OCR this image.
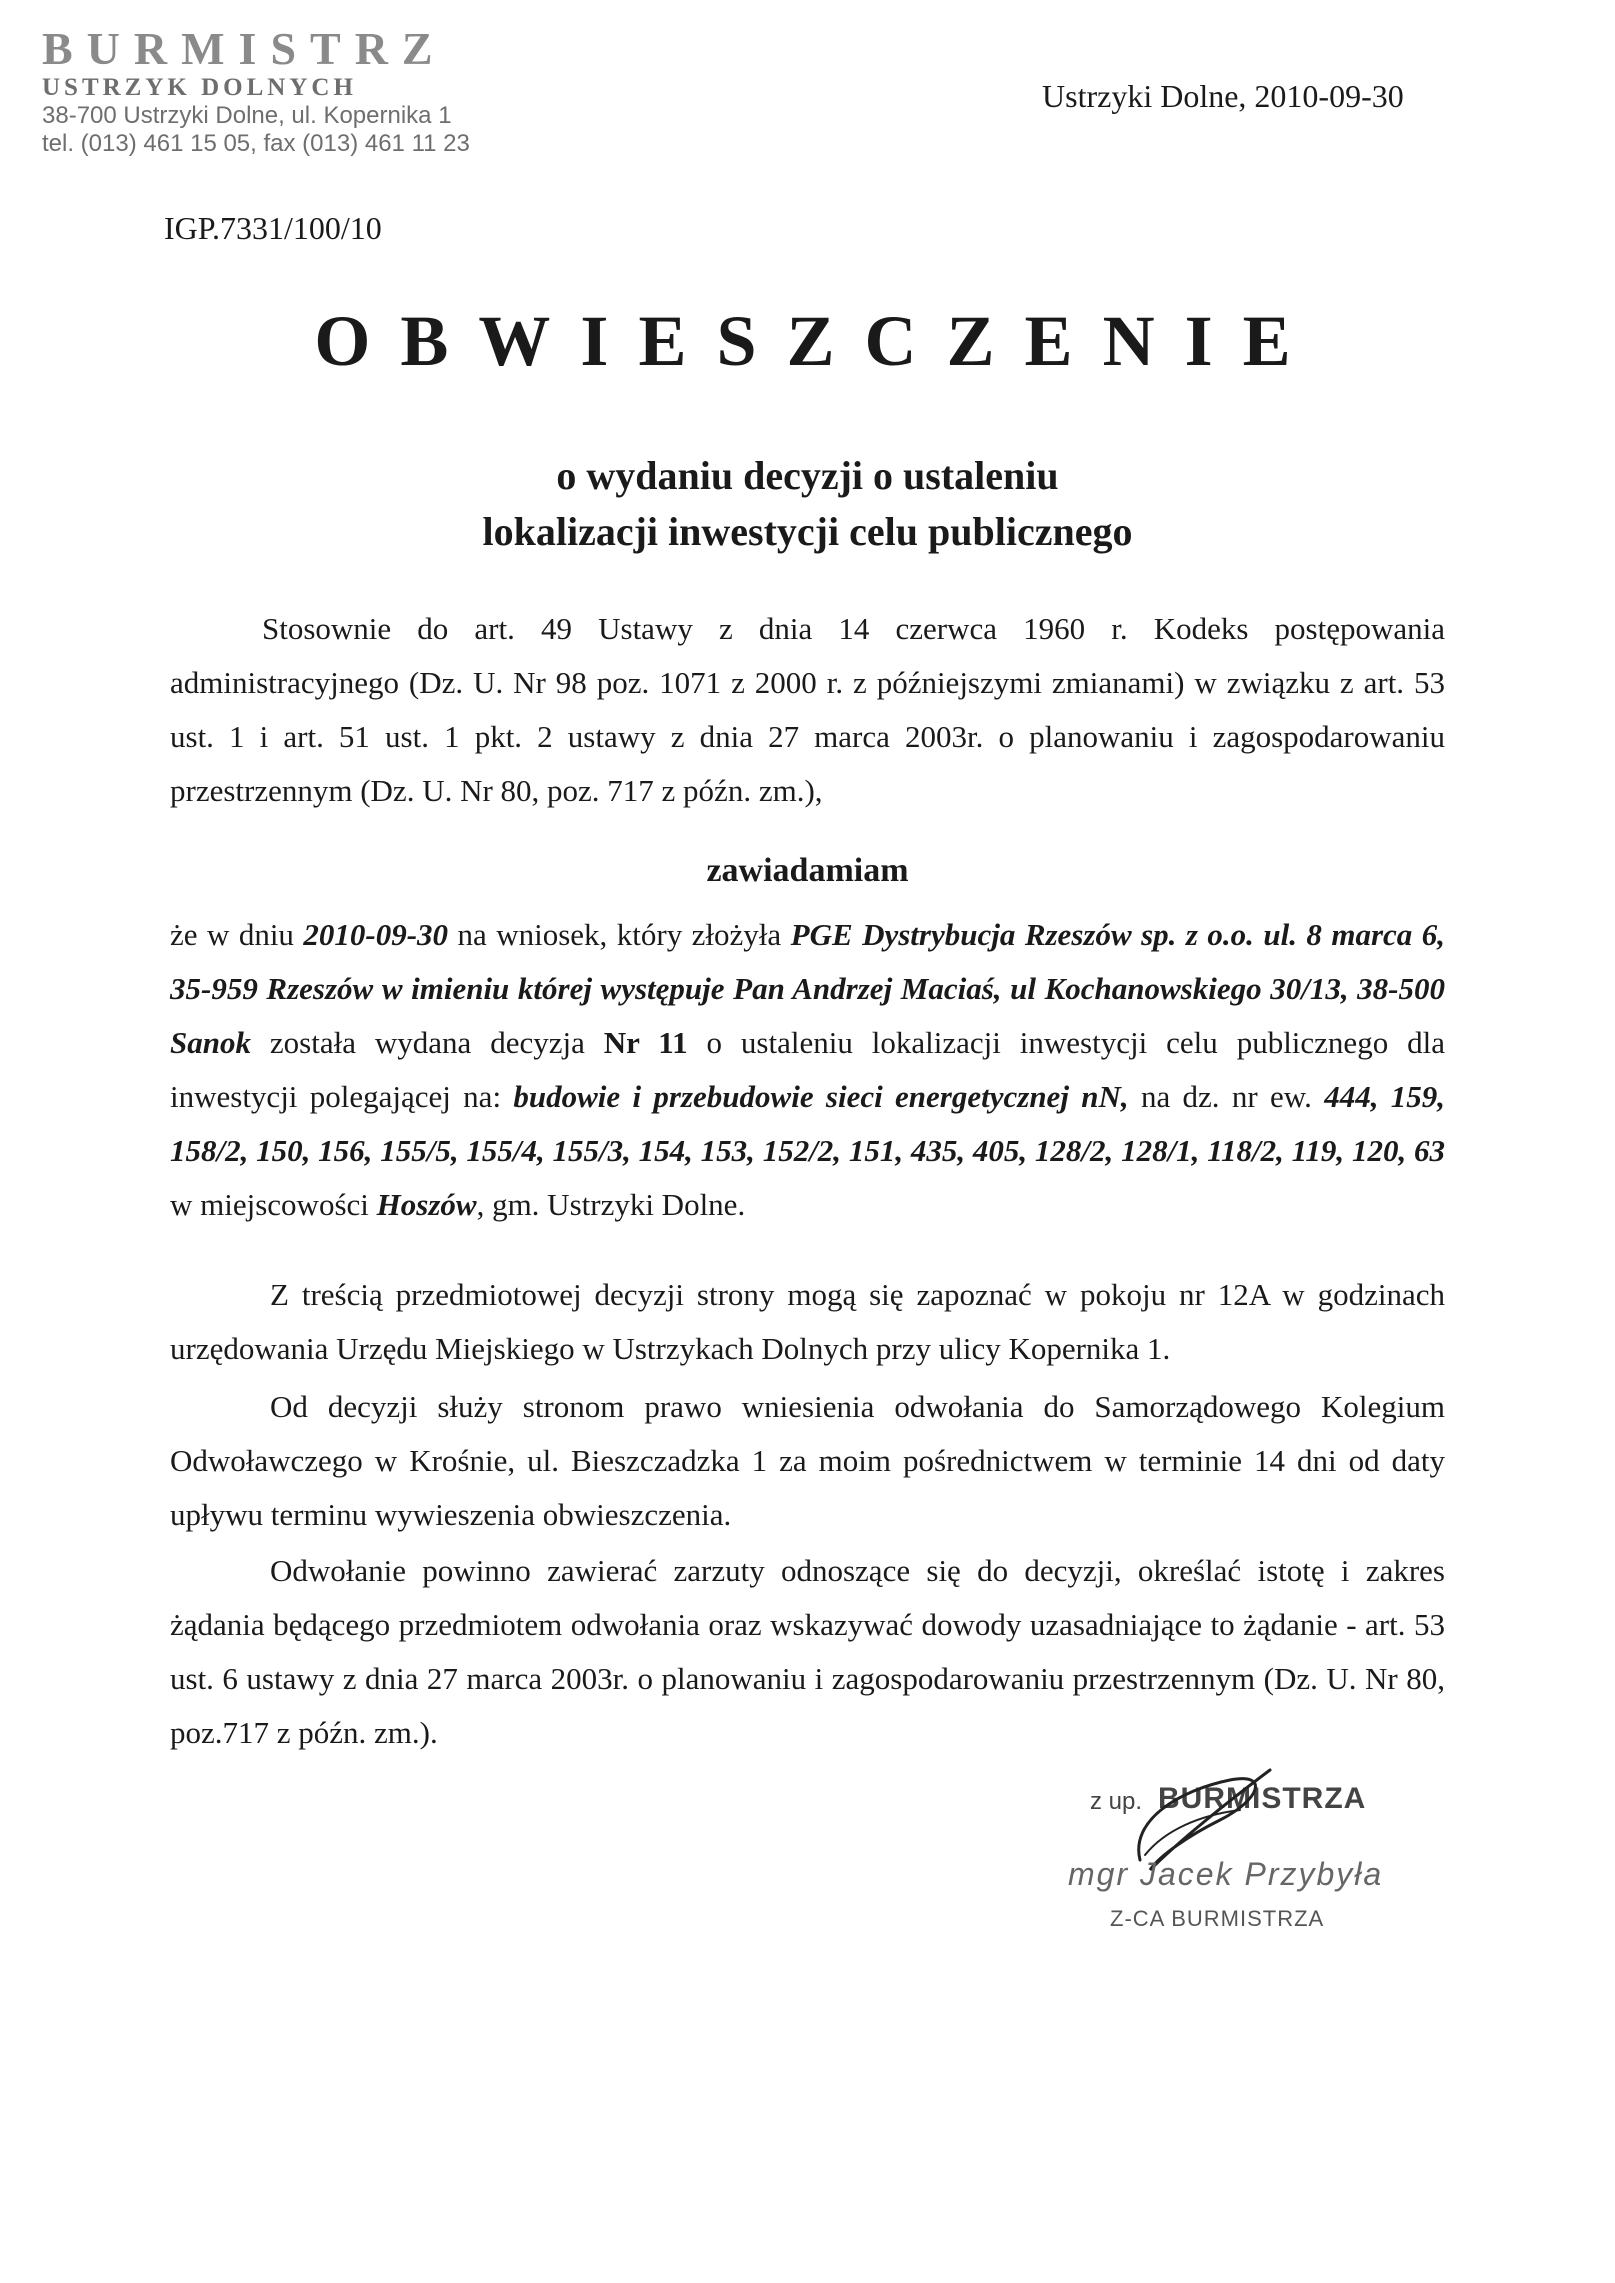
BURMISTRZ
USTRZYK DOLNYCH
38-700 Ustrzyki Dolne, ul. Kopernika 1
tel. (013) 461 15 05, fax (013) 461 11 23
Ustrzyki Dolne, 2010-09-30
IGP.7331/100/10
OBWIESZCZENIE
o wydaniu decyzji o ustaleniu
lokalizacji inwestycji celu publicznego
Stosownie do art. 49 Ustawy z dnia 14 czerwca 1960 r. Kodeks postępowania administracyjnego (Dz. U. Nr 98 poz. 1071 z 2000 r. z późniejszymi zmianami) w związku z art. 53 ust. 1 i art. 51 ust. 1 pkt. 2 ustawy z dnia 27 marca 2003r. o planowaniu i zagospodarowaniu przestrzennym (Dz. U. Nr 80, poz. 717 z późn. zm.),
zawiadamiam
że w dniu 2010-09-30 na wniosek, który złożyła PGE Dystrybucja Rzeszów sp. z o.o. ul. 8 marca 6, 35-959 Rzeszów w imieniu której występuje Pan Andrzej Maciaś, ul Kochanowskiego 30/13, 38-500 Sanok została wydana decyzja Nr 11 o ustaleniu lokalizacji inwestycji celu publicznego dla inwestycji polegającej na: budowie i przebudowie sieci energetycznej nN, na dz. nr ew. 444, 159, 158/2, 150, 156, 155/5, 155/4, 155/3, 154, 153, 152/2, 151, 435, 405, 128/2, 128/1, 118/2, 119, 120, 63 w miejscowości Hoszów, gm. Ustrzyki Dolne.
Z treścią przedmiotowej decyzji strony mogą się zapoznać w pokoju nr 12A w godzinach urzędowania Urzędu Miejskiego w Ustrzykach Dolnych przy ulicy Kopernika 1.
Od decyzji służy stronom prawo wniesienia odwołania do Samorządowego Kolegium Odwoławczego w Krośnie, ul. Bieszczadzka 1 za moim pośrednictwem w terminie 14 dni od daty upływu terminu wywieszenia obwieszczenia.
Odwołanie powinno zawierać zarzuty odnoszące się do decyzji, określać istotę i zakres żądania będącego przedmiotem odwołania oraz wskazywać dowody uzasadniające to żądanie - art. 53 ust. 6 ustawy z dnia 27 marca 2003r. o planowaniu i zagospodarowaniu przestrzennym (Dz. U. Nr 80, poz.717 z późn. zm.).
z up. BURMISTRZA
mgr Jacek Przybyła
Z-CA BURMISTRZA
